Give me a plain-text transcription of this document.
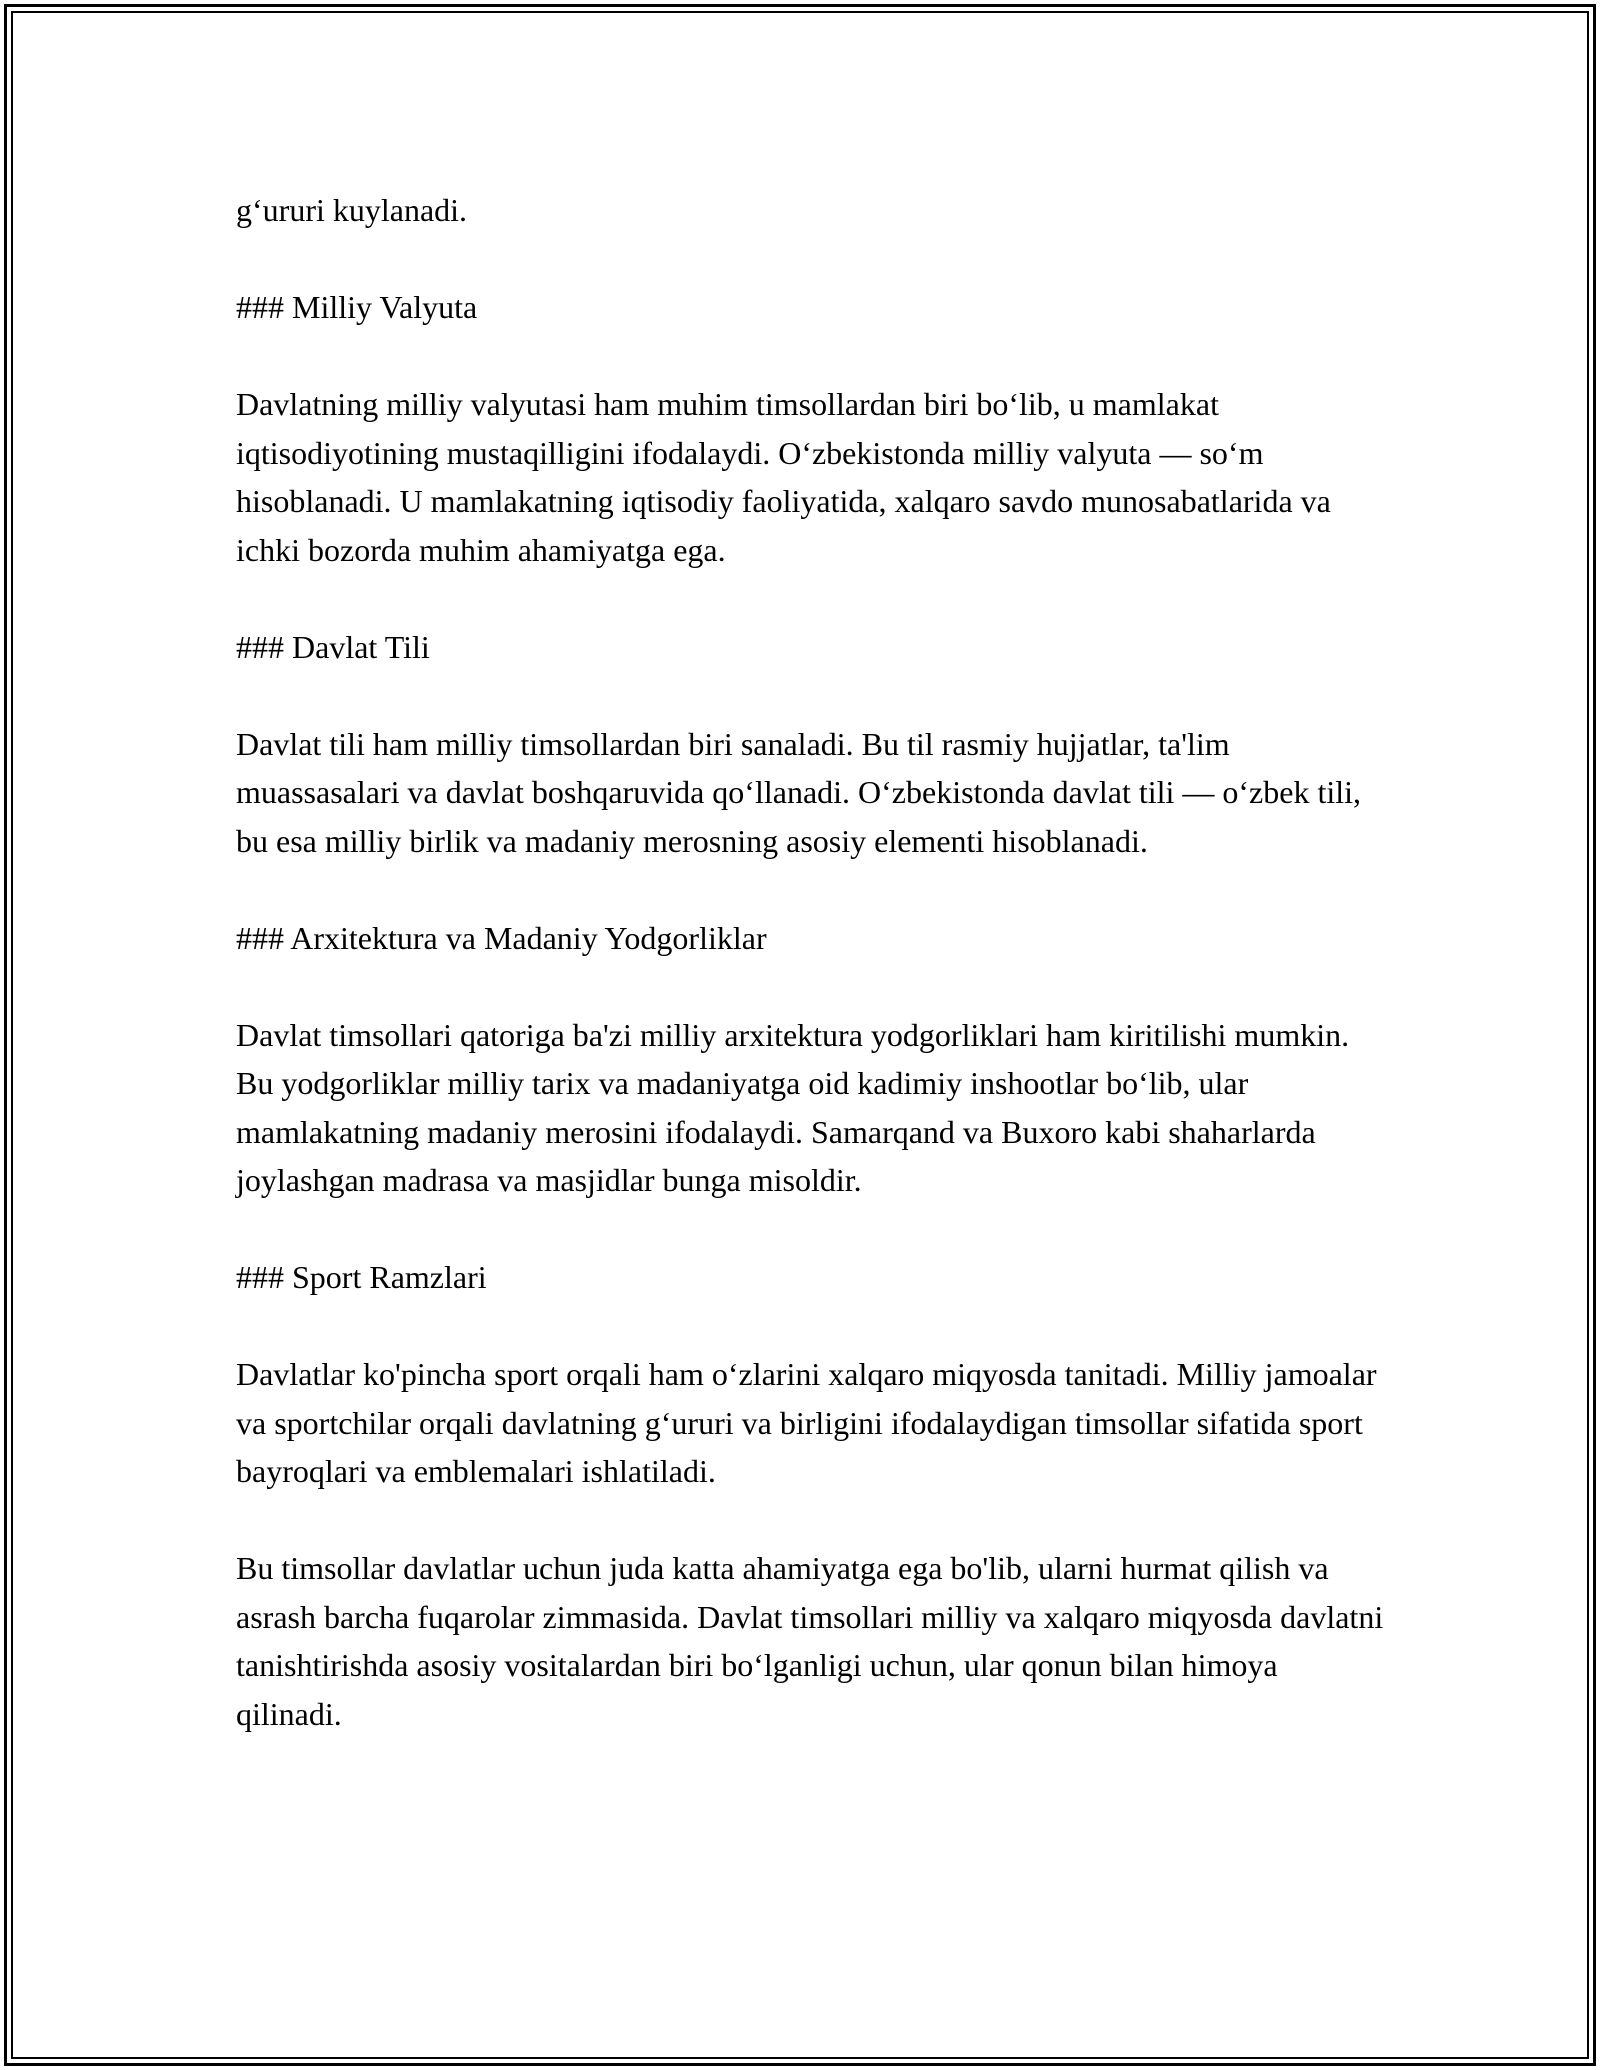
g‘ururi kuylanadi.

### Milliy Valyuta

Davlatning milliy valyutasi ham muhim timsollardan biri bo‘lib, u mamlakat iqtisodiyotining mustaqilligini ifodalaydi. O‘zbekistonda milliy valyuta — so‘m hisoblanadi. U mamlakatning iqtisodiy faoliyatida, xalqaro savdo munosabatlarida va ichki bozorda muhim ahamiyatga ega.

### Davlat Tili

Davlat tili ham milliy timsollardan biri sanaladi. Bu til rasmiy hujjatlar, ta'lim muassasalari va davlat boshqaruvida qo‘llanadi. O‘zbekistonda davlat tili — o‘zbek tili, bu esa milliy birlik va madaniy merosning asosiy elementi hisoblanadi.

### Arxitektura va Madaniy Yodgorliklar

Davlat timsollari qatoriga ba'zi milliy arxitektura yodgorliklari ham kiritilishi mumkin. Bu yodgorliklar milliy tarix va madaniyatga oid kadimiy inshootlar bo‘lib, ular mamlakatning madaniy merosini ifodalaydi. Samarqand va Buxoro kabi shaharlarda joylashgan madrasa va masjidlar bunga misoldir.

### Sport Ramzlari

Davlatlar ko'pincha sport orqali ham o‘zlarini xalqaro miqyosda tanitadi. Milliy jamoalar va sportchilar orqali davlatning g‘ururi va birligini ifodalaydigan timsollar sifatida sport bayroqlari va emblemalari ishlatiladi.

Bu timsollar davlatlar uchun juda katta ahamiyatga ega bo'lib, ularni hurmat qilish va asrash barcha fuqarolar zimmasida. Davlat timsollari milliy va xalqaro miqyosda davlatni tanishtirishda asosiy vositalardan biri bo‘lganligi uchun, ular qonun bilan himoya qilinadi.
